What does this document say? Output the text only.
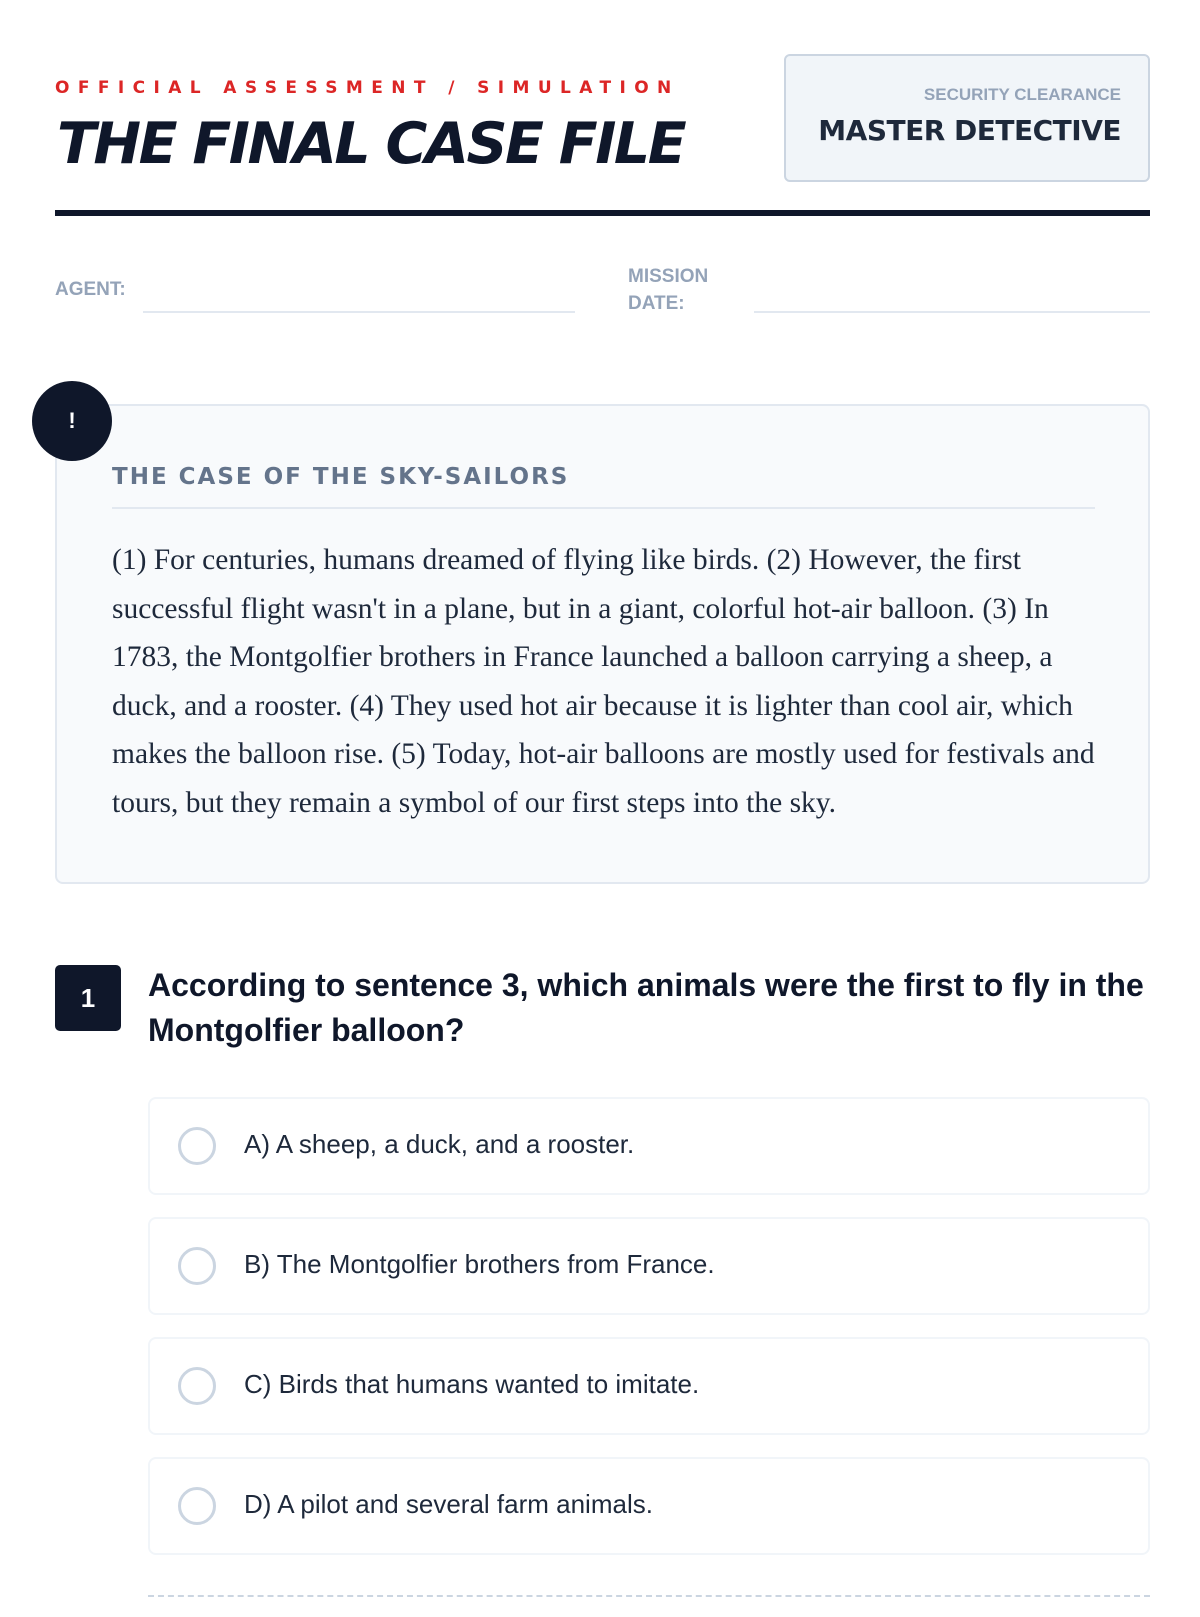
OFFICIAL ASSESSMENT / SIMULATION
THE FINAL CASE FILE
SECURITY CLEARANCE
MASTER DETECTIVE
AGENT:
MISSION
DATE:
!
THE CASE OF THE SKY-SAILORS

(1) For centuries, humans dreamed of flying like birds. (2) However, the first successful flight wasn't in a plane, but in a giant, colorful hot-air balloon. (3) In 1783, the Montgolfier brothers in France launched a balloon carrying a sheep, a duck, and a rooster. (4) They used hot air because it is lighter than cool air, which makes the balloon rise. (5) Today, hot-air balloons are mostly used for festivals and tours, but they remain a symbol of our first steps into the sky.

1	According to sentence 3, which animals were the first to fly in the Montgolfier balloon?

A) A sheep, a duck, and a rooster.
B) The Montgolfier brothers from France.
C) Birds that humans wanted to imitate.
D) A pilot and several farm animals.
